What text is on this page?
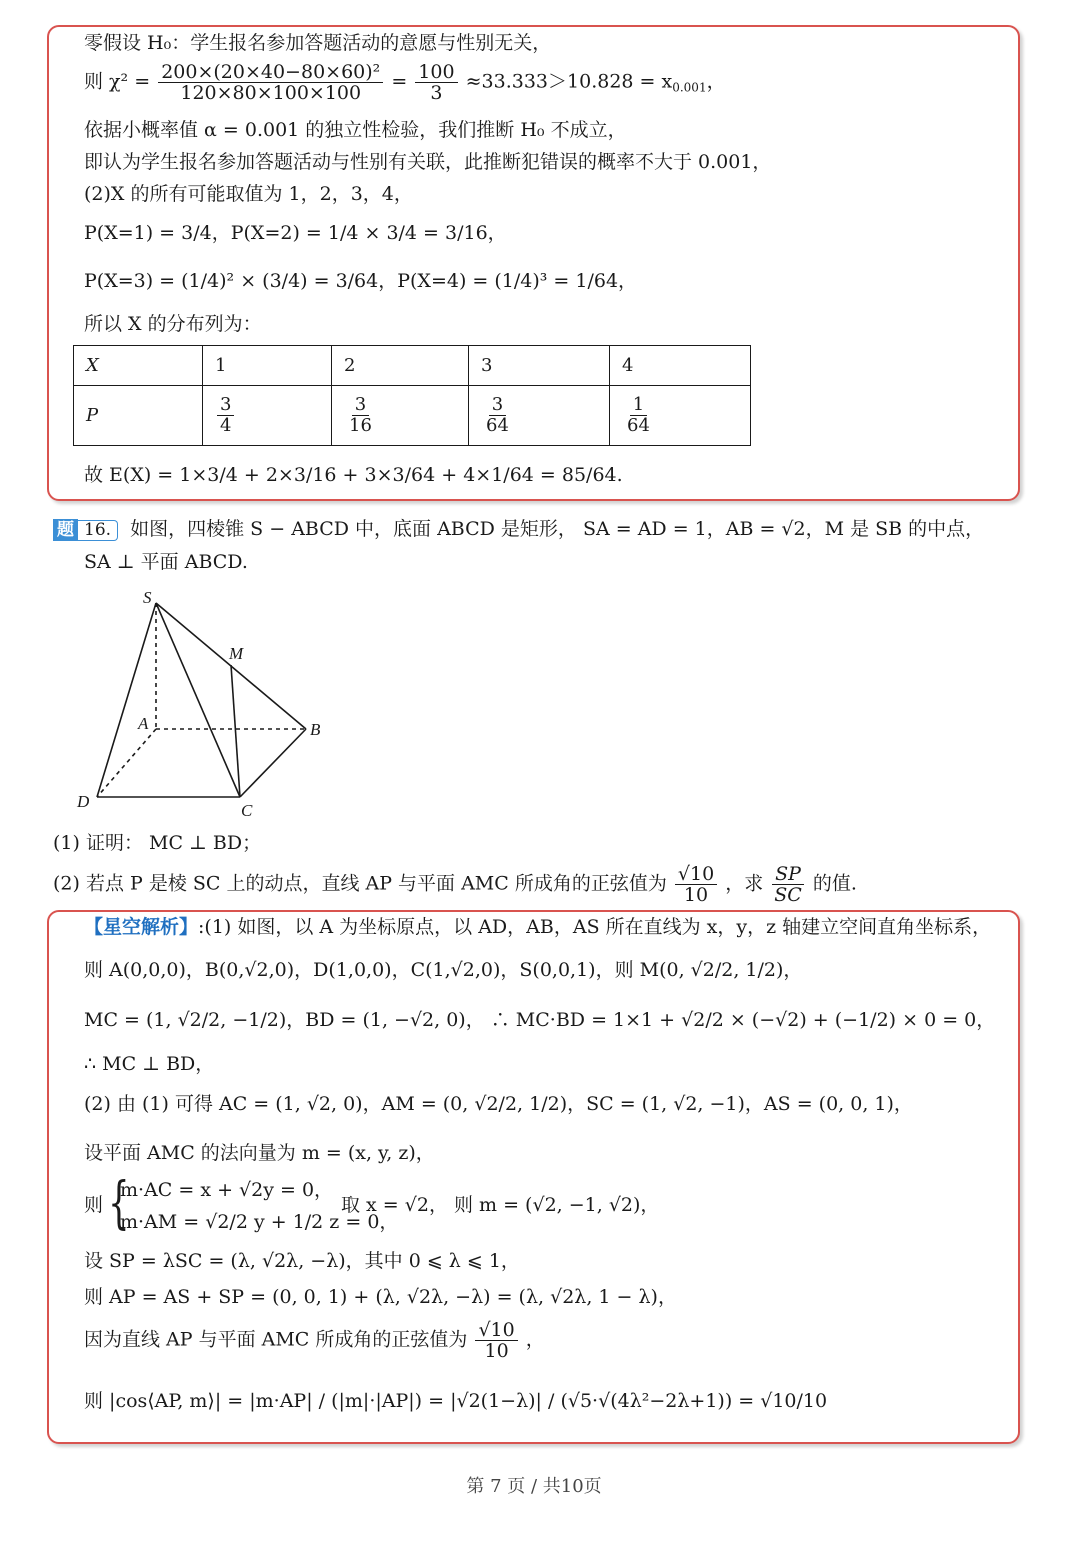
零假设 H₀：学生报名参加答题活动的意愿与性别无关，
则 $\chi^2 = \frac{\text{200×(20×40−80×60)²}}{120\times 80\times 100\times 100} = \frac{100}{3} \approx 33.333>10.828 = x_{0.001}$，
依据小概率值 α = 0.001 的独立性检验，我们推断 H₀ 不成立，
即认为学生报名参加答题活动与性别有关联，此推断犯错误的概率不大于 0.001，
(2)X 的所有可能取值为 1，2，3，4，
P(X=1) = 3/4，P(X=2) = 1/4 × 3/4 = 3/16，
P(X=3) = (1/4)² × (3/4) = 3/64，P(X=4) = (1/4)³ = 1/64，
所以 X 的分布列为：
X	1	2	3	4
P	$\frac{3}{4}$	$\frac{3}{16}$	$\frac{3}{64}$	$\frac{1}{64}$
故 E(X) = 1×3/4 + 2×3/16 + 3×3/64 + 4×1/64 = 85/64.
题 16. 如图，四棱锥 S − ABCD 中，底面 ABCD 是矩形， SA = AD = 1，AB = √2，M 是 SB 的中点，
SA ⊥ 平面 ABCD.
S
M
A	B
D	C
(1) 证明： MC ⊥ BD；
(2) 若点 P 是棱 SC 上的动点，直线 AP 与平面 AMC 所成角的正弦值为 $\frac{√10}{10}$ ，求 $\frac{SP}{SC}$ 的值.
【星空解析】:(1) 如图，以 A 为坐标原点，以 AD，AB，AS 所在直线为 x，y，z 轴建立空间直角坐标系，
则 A(0,0,0)，B(0,√2,0)，D(1,0,0)，C(1,√2,0)，S(0,0,1)，则 M(0, √2/2, 1/2)，
MC = (1, √2/2, −1/2)，BD = (1, −√2, 0)， ∴ MC·BD = 1×1 + √2/2 × (−√2) + (−1/2) × 0 = 0，
∴ MC ⊥ BD，
(2) 由 (1) 可得 AC = (1, √2, 0)，AM = (0, √2/2, 1/2)，SC = (1, √2, −1)，AS = (0, 0, 1)，
设平面 AMC 的法向量为 m = (x, y, z)，
则 {
m·AC = x + √2y = 0，
m·AM = √2/2 y + 1/2 z = 0，
取 x = √2， 则 m = (√2, −1, √2)，
设 SP = λSC = (λ, √2λ, −λ)，其中 0 ⩽ λ ⩽ 1，
则 AP = AS + SP = (0, 0, 1) + (λ, √2λ, −λ) = (λ, √2λ, 1 − λ)，
因为直线 AP 与平面 AMC 所成角的正弦值为 $\frac{√10}{10}$ ，
则 |cos⟨AP, m⟩| = |m·AP| / (|m|·|AP|) = |√2(1−λ)| / (√5·√(4λ²−2λ+1)) = √10/10
第 7 页 / 共10页
